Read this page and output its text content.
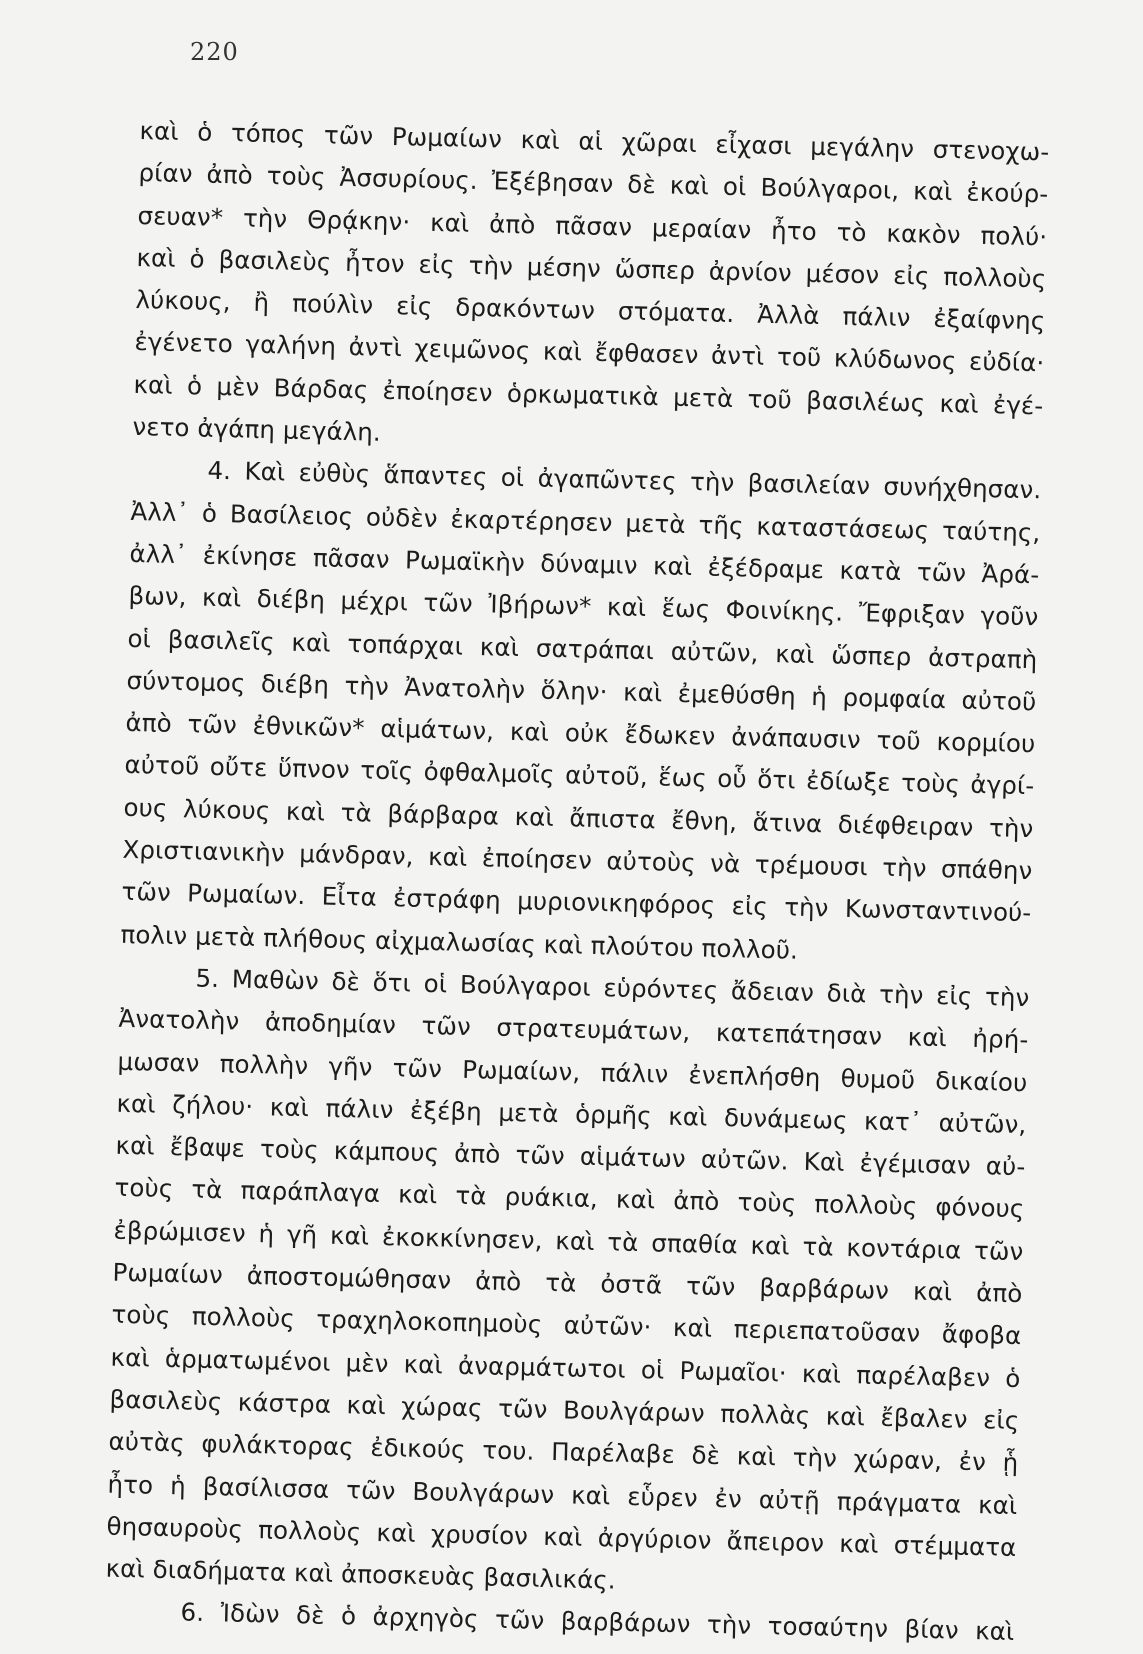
220
καὶ ὁ τόπος τῶν Ρωμαίων καὶ αἱ χῶραι εἶχασι μεγάλην στενοχω-
ρίαν ἀπὸ τοὺς Ἀσσυρίους. Ἐξέβησαν δὲ καὶ οἱ Βούλγαροι, καὶ ἐκούρ-
σευαν* τὴν Θρᾴκην· καὶ ἀπὸ πᾶσαν μεραίαν ἦτο τὸ κακὸν πολύ·
καὶ ὁ βασιλεὺς ἦτον εἰς τὴν μέσην ὥσπερ ἀρνίον μέσον εἰς πολλοὺς
λύκους, ἢ πούλὶν εἰς δρακόντων στόματα. Ἀλλὰ πάλιν ἐξαίφνης
ἐγένετο γαλήνη ἀντὶ χειμῶνος καὶ ἔφθασεν ἀντὶ τοῦ κλύδωνος εὐδία·
καὶ ὁ μὲν Βάρδας ἐποίησεν ὁρκωματικὰ μετὰ τοῦ βασιλέως καὶ ἐγέ-
νετο ἀγάπη μεγάλη.
4. Καὶ εὐθὺς ἅπαντες οἱ ἀγαπῶντες τὴν βασιλείαν συνήχθησαν.
Ἀλλ᾽ ὁ Βασίλειος οὐδὲν ἐκαρτέρησεν μετὰ τῆς καταστάσεως ταύτης,
ἀλλ᾽ ἐκίνησε πᾶσαν Ρωμαϊκὴν δύναμιν καὶ ἐξέδραμε κατὰ τῶν Ἀρά-
βων, καὶ διέβη μέχρι τῶν Ἰβήρων* καὶ ἕως Φοινίκης. Ἔφριξαν γοῦν
οἱ βασιλεῖς καὶ τοπάρχαι καὶ σατράπαι αὐτῶν, καὶ ὥσπερ ἀστραπὴ
σύντομος διέβη τὴν Ἀνατολὴν ὅλην· καὶ ἐμεθύσθη ἡ ρομφαία αὐτοῦ
ἀπὸ τῶν ἐθνικῶν* αἱμάτων, καὶ οὐκ ἔδωκεν ἀνάπαυσιν τοῦ κορμίου
αὐτοῦ οὔτε ὕπνον τοῖς ὀφθαλμοῖς αὐτοῦ, ἕως οὗ ὅτι ἐδίωξε τοὺς ἀγρί-
ους λύκους καὶ τὰ βάρβαρα καὶ ἄπιστα ἔθνη, ἅτινα διέφθειραν τὴν
Χριστιανικὴν μάνδραν, καὶ ἐποίησεν αὐτοὺς νὰ τρέμουσι τὴν σπάθην
τῶν Ρωμαίων. Εἶτα ἐστράφη μυριονικηφόρος εἰς τὴν Κωνσταντινού-
πολιν μετὰ πλήθους αἰχμαλωσίας καὶ πλούτου πολλοῦ.
5. Μαθὼν δὲ ὅτι οἱ Βούλγαροι εὑρόντες ἄδειαν διὰ τὴν εἰς τὴν
Ἀνατολὴν ἀποδημίαν τῶν στρατευμάτων, κατεπάτησαν καὶ ἠρή-
μωσαν πολλὴν γῆν τῶν Ρωμαίων, πάλιν ἐνεπλήσθη θυμοῦ δικαίου
καὶ ζήλου· καὶ πάλιν ἐξέβη μετὰ ὁρμῆς καὶ δυνάμεως κατ᾽ αὐτῶν,
καὶ ἔβαψε τοὺς κάμπους ἀπὸ τῶν αἱμάτων αὐτῶν. Καὶ ἐγέμισαν αὐ-
τοὺς τὰ παράπλαγα καὶ τὰ ρυάκια, καὶ ἀπὸ τοὺς πολλοὺς φόνους
ἐβρώμισεν ἡ γῆ καὶ ἐκοκκίνησεν, καὶ τὰ σπαθία καὶ τὰ κοντάρια τῶν
Ρωμαίων ἀποστομώθησαν ἀπὸ τὰ ὀστᾶ τῶν βαρβάρων καὶ ἀπὸ
τοὺς πολλοὺς τραχηλοκοπημοὺς αὐτῶν· καὶ περιεπατοῦσαν ἄφοβα
καὶ ἁρματωμένοι μὲν καὶ ἀναρμάτωτοι οἱ Ρωμαῖοι· καὶ παρέλαβεν ὁ
βασιλεὺς κάστρα καὶ χώρας τῶν Βουλγάρων πολλὰς καὶ ἔβαλεν εἰς
αὐτὰς φυλάκτορας ἐδικούς του. Παρέλαβε δὲ καὶ τὴν χώραν, ἐν ᾗ
ἦτο ἡ βασίλισσα τῶν Βουλγάρων καὶ εὗρεν ἐν αὐτῇ πράγματα καὶ
θησαυροὺς πολλοὺς καὶ χρυσίον καὶ ἀργύριον ἄπειρον καὶ στέμματα
καὶ διαδήματα καὶ ἀποσκευὰς βασιλικάς.
6. Ἰδὼν δὲ ὁ ἀρχηγὸς τῶν βαρβάρων τὴν τοσαύτην βίαν καὶ
